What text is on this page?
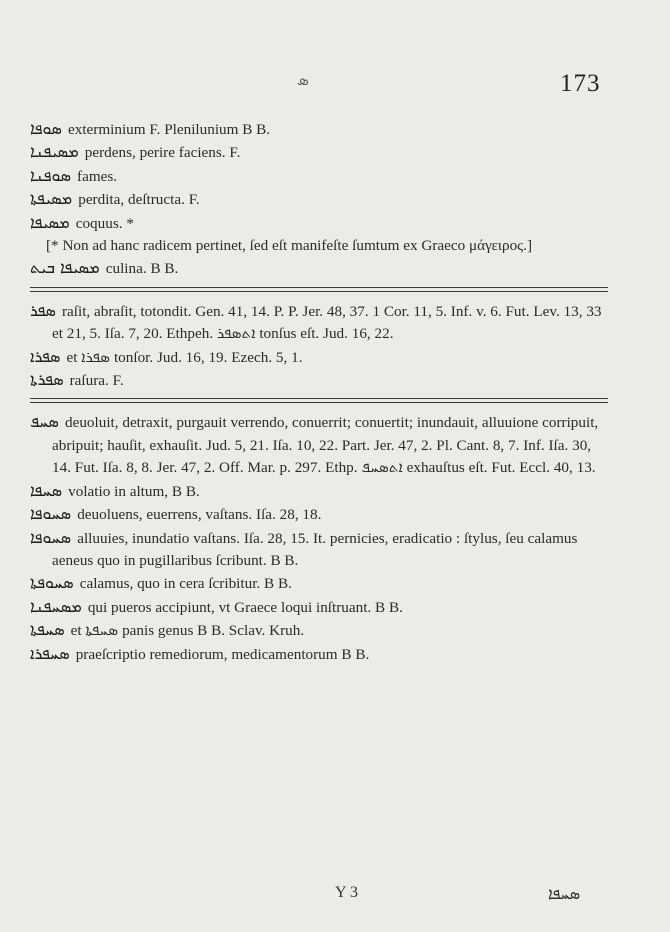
ܣ	173

ܣܘܦܐ exterminium F. Plenilunium B B.

ܡܣܝܦܢܐ perdens, perire faciens. F.

ܣܘܦܢܐ fames.

ܡܣܝܦܬܐ perdita, deſtructa. F.

ܡܣܝܦܐ coquus. *

[* Non ad hanc radicem pertinet, ſed eſt manifeſte ſumtum ex Graeco μάγειρος.]

ܡܣܝܦܐ ܒܝܬ culina. B B.

ܣܦܪ raſit, abraſit, totondit. Gen. 41, 14. P. P. Jer. 48, 37. 1 Cor. 11, 5. Inf. v. 6. Fut. Lev. 13, 33 et 21, 5. Iſa. 7, 20. Ethpeh. ܐܬܣܦܪ tonſus eſt. Jud. 16, 22.

ܣܦܪܐ et ܣܦܪܐ tonſor. Jud. 16, 19. Ezech. 5, 1.

ܣܦܪܬܐ raſura. F.

ܣܚܦ deuoluit, detraxit, purgauit verrendo, conuerrit; conuertit; inundauit, alluuione corripuit, abripuit; hauſit, exhauſit. Jud. 5, 21. Iſa. 10, 22. Part. Jer. 47, 2. Pl. Cant. 8, 7. Inf. Iſa. 30, 14. Fut. Iſa. 8, 8. Jer. 47, 2. Off. Mar. p. 297. Ethp. ܐܬܣܚܦ exhauſtus eſt. Fut. Eccl. 40, 13.

ܣܚܦܐ volatio in altum, B B.

ܣܚܘܦܐ deuoluens, euerrens, vaſtans. Iſa. 28, 18.

ܣܚܘܦܐ alluuies, inundatio vaſtans. Iſa. 28, 15. It. pernicies, eradicatio : ſtylus, ſeu calamus aeneus quo in pugillaribus ſcribunt. B B.

ܣܚܘܦܬܐ calamus, quo in cera ſcribitur. B B.

ܡܣܚܦܢܐ qui pueros accipiunt, vt Graece loqui inſtruant. B B.

ܣܚܦܬܐ et ܣܚܦܬܐ panis genus B B. Sclav. Kruh.

ܣܚܦܪܐ praeſcriptio remediorum, medicamentorum B B.

Y 3	ܣܚܦܐ
